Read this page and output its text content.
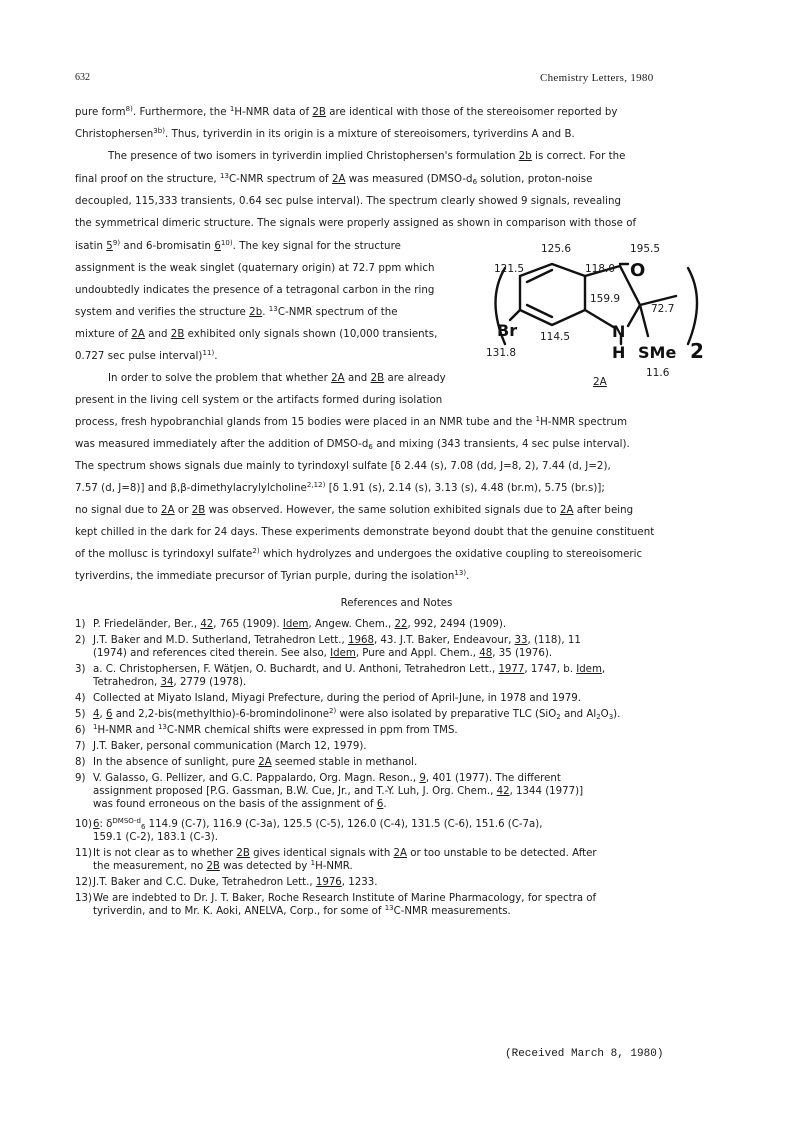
632	Chemistry Letters, 1980
pure form$^{8)}$. Furthermore, the $^1$H-NMR data of 2B are identical with those of the stereoisomer reported by
Christophersen$^{3b)}$. Thus, tyriverdin in its origin is a mixture of stereoisomers, tyriverdins A and B.
The presence of two isomers in tyriverdin implied Christophersen's formulation 2b is correct. For the
final proof on the structure, $^{13}$C-NMR spectrum of 2A was measured ($DMSO-d_6$ solution, proton-noise
decoupled, 115,333 transients, 0.64 sec pulse interval). The spectrum clearly showed 9 signals, revealing
the symmetrical dimeric structure. The signals were properly assigned as shown in comparison with those of
isatin 5$^{9)}$ and 6-bromisatin 6$^{10)}$. The key signal for the structure
assignment is the weak singlet (quaternary origin) at 72.7 ppm which
undoubtedly indicates the presence of a tetragonal carbon in the ring
system and verifies the structure 2b. $^{13}$C-NMR spectrum of the
mixture of 2A and 2B exhibited only signals shown (10,000 transients,
0.727 sec pulse interval)$^{11)}$.
In order to solve the problem that whether 2A and 2B are already
present in the living cell system or the artifacts formed during isolation
process, fresh hypobranchial glands from 15 bodies were placed in an NMR tube and the $^1$H-NMR spectrum
was measured immediately after the addition of DMSO-$d_6$ and mixing (343 transients, 4 sec pulse interval).
The spectrum shows signals due mainly to tyrindoxyl sulfate [δ 2.44 (s), 7.08 (dd, J=8, 2), 7.44 (d, J=2),
7.57 (d, J=8)] and β,β-dimethylacrylylcholine$^{2,12)}$ [δ 1.91 (s), 2.14 (s), 3.13 (s), 4.48 (br.m), 5.75 (br.s)];
no signal due to 2A or 2B was observed. However, the same solution exhibited signals due to 2A after being
kept chilled in the dark for 24 days. These experiments demonstrate beyond doubt that the genuine constituent
of the mollusc is tyrindoxyl sulfate$^{2)}$ which hydrolyzes and undergoes the oxidative coupling to stereoisomeric
tyriverdins, the immediate precursor of Tyrian purple, during the isolation$^{13)}$.
125.6	195.5
121.5	118.0
159.9
72.7
114.5
131.8
11.6
O
Br	N
H SMe 2
2A
References and Notes
1) P. Friedeländer, Ber., 42, 765 (1909). Idem, Angew. Chem., 22, 992, 2494 (1909).
2) J.T. Baker and M.D. Sutherland, Tetrahedron Lett., 1968, 43. J.T. Baker, Endeavour, 33, (118), 11
(1974) and references cited therein. See also, Idem, Pure and Appl. Chem., 48, 35 (1976).
3) a. C. Christophersen, F. Wätjen, O. Buchardt, and U. Anthoni, Tetrahedron Lett., 1977, 1747, b. Idem,
Tetrahedron, 34, 2779 (1978).
4) Collected at Miyato Island, Miyagi Prefecture, during the period of April-June, in 1978 and 1979.
5) 4, 6 and 2,2-bis(methylthio)-6-bromindolinone$^{2)}$ were also isolated by preparative TLC (SiO$_2$ and $Al_2O_3$).
6) $^1$H-NMR and $^{13}$C-NMR chemical shifts were expressed in ppm from TMS.
7) J.T. Baker, personal communication (March 12, 1979).
8) In the absence of sunlight, pure 2A seemed stable in methanol.
9) V. Galasso, G. Pellizer, and G.C. Pappalardo, Org. Magn. Reson., 9, 401 (1977). The different
assignment proposed [P.G. Gassman, B.W. Cue, Jr., and T.-Y. Luh, J. Org. Chem., 42, 1344 (1977)]
was found erroneous on the basis of the assignment of 6.
10)6: $\delta^{DMSO-d}_6$ 114.9 (C-7), 116.9 (C-3a), 125.5 (C-5), 126.0 (C-4), 131.5 (C-6), 151.6 (C-7a),
159.1 (C-2), 183.1 (C-3).
11)It is not clear as to whether 2B gives identical signals with 2A or too unstable to be detected. After
the measurement, no 2B was detected by $^1$H-NMR.
12)J.T. Baker and C.C. Duke, Tetrahedron Lett., 1976, 1233.
13)We are indebted to Dr. J. T. Baker, Roche Research Institute of Marine Pharmacology, for spectra of
tyriverdin, and to Mr. K. Aoki, ANELVA, Corp., for some of $^{13}$C-NMR measurements.
(Received March 8, 1980)
